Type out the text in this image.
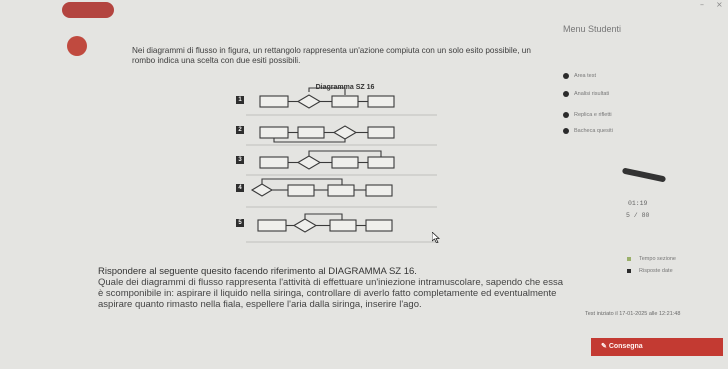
– ×
Nei diagrammi di flusso in figura, un rettangolo rappresenta un'azione compiuta con un solo esito possibile, un rombo indica una scelta con due esiti possibili.
Diagramma SZ 16
1
2
3
4
5
Rispondere al seguente quesito facendo riferimento al DIAGRAMMA SZ 16.
Quale dei diagrammi di flusso rappresenta l'attività di effettuare un'iniezione intramuscolare, sapendo che essa è scomponibile in: aspirare il liquido nella siringa, controllare di averlo fatto completamente ed eventualmente aspirare quanto rimasto nella fiala, espellere l'aria dalla siringa, inserire l'ago.
Menu Studenti
Area test
Analisi risultati
Replica e rifletti
Bacheca quesiti
01:19
5 / 80
Tempo sezione
Risposte date
Test iniziato il 17-01-2025 alle 12:21:48
✎ Consegna
